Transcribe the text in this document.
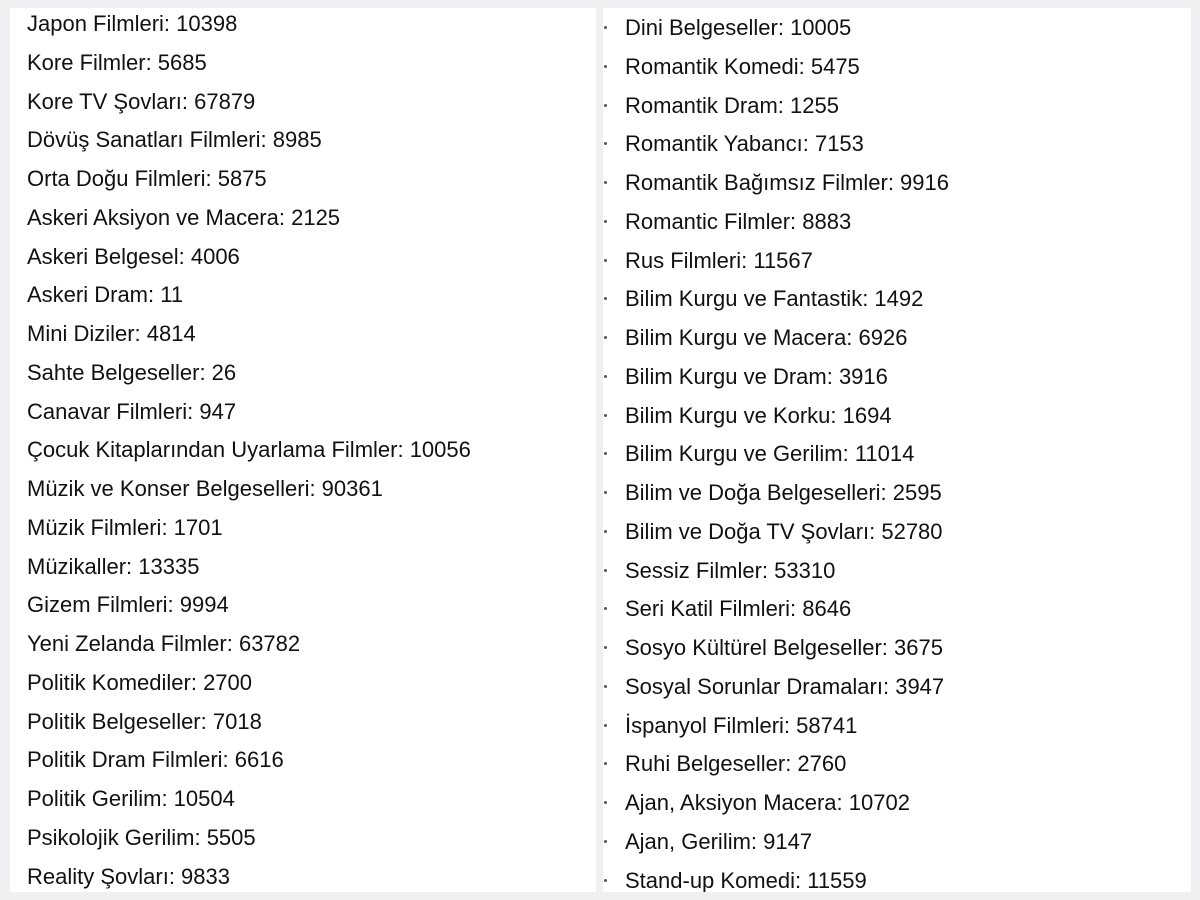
Japon Filmleri: 10398
Kore Filmler: 5685
Kore TV Şovları: 67879
Dövüş Sanatları Filmleri: 8985
Orta Doğu Filmleri: 5875
Askeri Aksiyon ve Macera: 2125
Askeri Belgesel: 4006
Askeri Dram: 11
Mini Diziler: 4814
Sahte Belgeseller: 26
Canavar Filmleri: 947
Çocuk Kitaplarından Uyarlama Filmler: 10056
Müzik ve Konser Belgeselleri: 90361
Müzik Filmleri: 1701
Müzikaller: 13335
Gizem Filmleri: 9994
Yeni Zelanda Filmler: 63782
Politik Komediler: 2700
Politik Belgeseller: 7018
Politik Dram Filmleri: 6616
Politik Gerilim: 10504
Psikolojik Gerilim: 5505
Reality Şovları: 9833
Dini Belgeseller: 10005
Romantik Komedi: 5475
Romantik Dram: 1255
Romantik Yabancı: 7153
Romantik Bağımsız Filmler: 9916
Romantic Filmler: 8883
Rus Filmleri: 11567
Bilim Kurgu ve Fantastik: 1492
Bilim Kurgu ve Macera: 6926
Bilim Kurgu ve Dram: 3916
Bilim Kurgu ve Korku: 1694
Bilim Kurgu ve Gerilim: 11014
Bilim ve Doğa Belgeselleri: 2595
Bilim ve Doğa TV Şovları: 52780
Sessiz Filmler: 53310
Seri Katil Filmleri: 8646
Sosyo Kültürel Belgeseller: 3675
Sosyal Sorunlar Dramaları: 3947
İspanyol Filmleri: 58741
Ruhi Belgeseller: 2760
Ajan, Aksiyon Macera: 10702
Ajan, Gerilim: 9147
Stand-up Komedi: 11559
